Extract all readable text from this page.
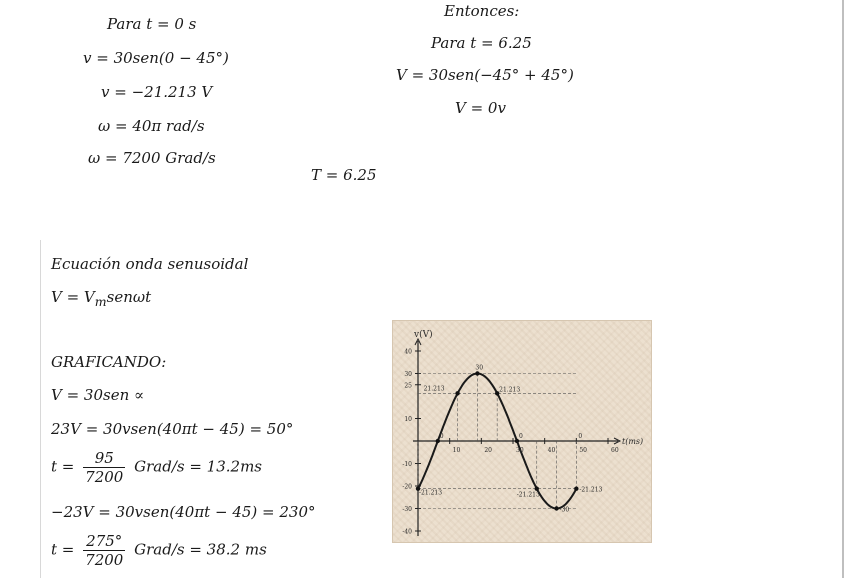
Para t = 0 s
v = 30sen(0 − 45°)
v = −21.213 V
ω = 40π rad/s
ω = 7200 Grad/s
Entonces:
Para t = 6.25
V = 30sen(−45° + 45°)
V = 0v
T = 6.25
Ecuación onda senusoidal
$V = V_msen\omega t$
GRAFICANDO:
V = 30sen ∝
23V = 30vsen(40πt − 45) = 50°
$t = \frac{95}{7200}$ Grad/s = 13.2ms
−23V = 30vsen(40πt − 45) = 230°
$t = \frac{275^\circ}{7200}$ Grad/s = 38.2 ms
v(V)
t(ms)
40
30
25
10
-10
-20
-30
-40
10	20	30	40	50	60
21.213	21.213
30
0	0	0
-21.213	-21.213
-21.213
-30
